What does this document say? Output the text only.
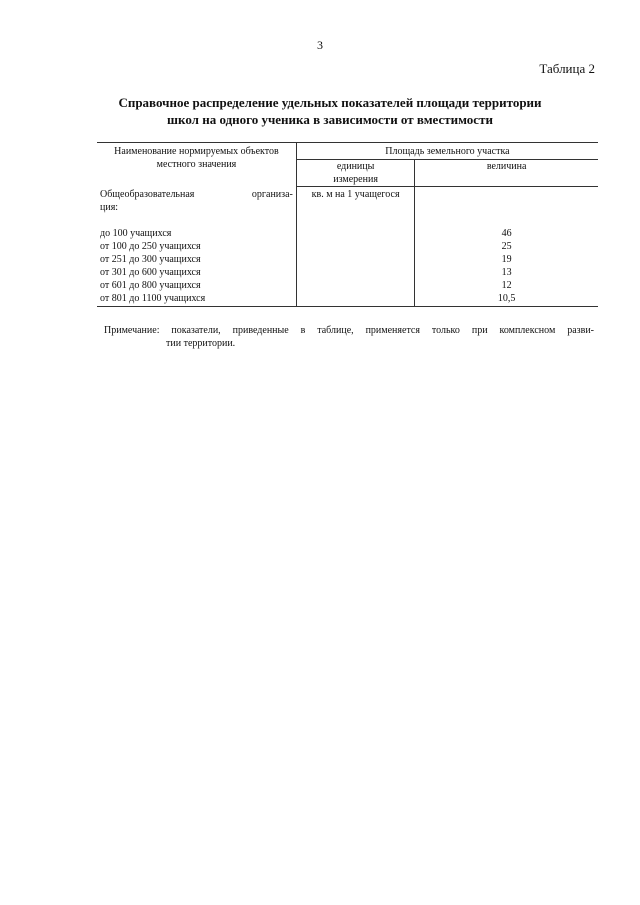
3
Таблица 2
Справочное распределение удельных показателей площади территории
школ на одного ученика в зависимости от вместимости
Наименование нормируемых объектов местного значения	Площадь земельного участка	
	единицы измерения	величина

Общеобразовательная организа-
ция:	кв. м на 1 учащегося	
до 100 учащихся		46
от 100 до 250 учащихся		25
от 251 до 300 учащихся		19
от 301 до 600 учащихся		13
от 601 до 800 учащихся		12
от 801 до 1100 учащихся		10,5
Примечание: показатели, приведенные в таблице, применяется только при комплексном разви-
тии территории.
